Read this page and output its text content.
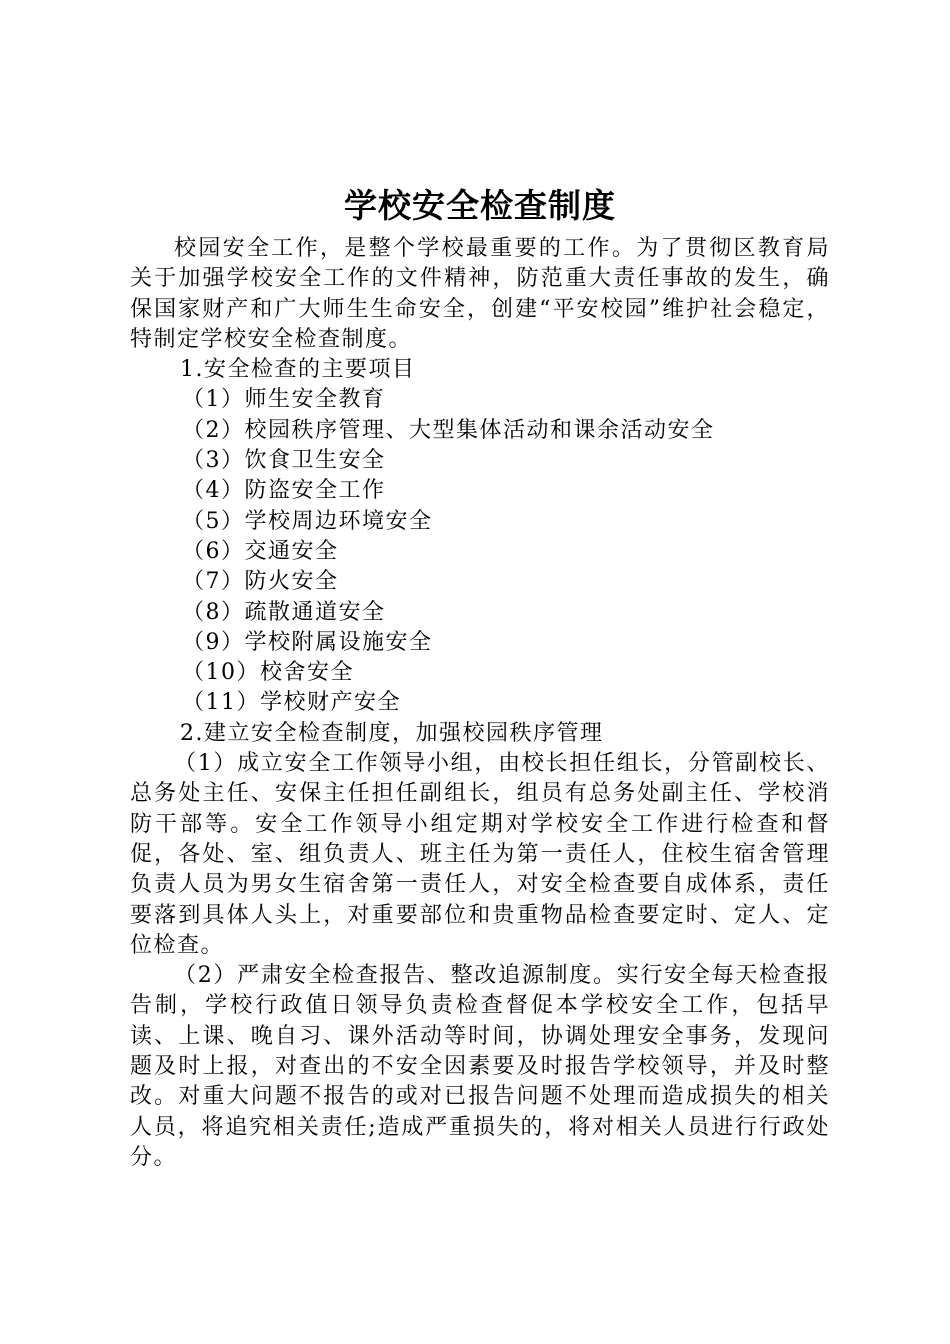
学校安全检查制度

校园安全工作，是整个学校最重要的工作。为了贯彻区教育局关于加强学校安全工作的文件精神，防范重大责任事故的发生，确保国家财产和广大师生生命安全，创建“平安校园”维护社会稳定，特制定学校安全检查制度。

1.安全检查的主要项目

（1）师生安全教育

（2）校园秩序管理、大型集体活动和课余活动安全

（3）饮食卫生安全

（4）防盗安全工作

（5）学校周边环境安全

（6）交通安全

（7）防火安全

（8）疏散通道安全

（9）学校附属设施安全

（10）校舍安全

（11）学校财产安全

2.建立安全检查制度，加强校园秩序管理

（1）成立安全工作领导小组，由校长担任组长，分管副校长、总务处主任、安保主任担任副组长，组员有总务处副主任、学校消防干部等。安全工作领导小组定期对学校安全工作进行检查和督促，各处、室、组负责人、班主任为第一责任人，住校生宿舍管理负责人员为男女生宿舍第一责任人，对安全检查要自成体系，责任要落到具体人头上，对重要部位和贵重物品检查要定时、定人、定位检查。

（2）严肃安全检查报告、整改追源制度。实行安全每天检查报告制，学校行政值日领导负责检查督促本学校安全工作，包括早读、上课、晚自习、课外活动等时间，协调处理安全事务，发现问题及时上报，对查出的不安全因素要及时报告学校领导，并及时整改。对重大问题不报告的或对已报告问题不处理而造成损失的相关人员，将追究相关责任;造成严重损失的，将对相关人员进行行政处分。
